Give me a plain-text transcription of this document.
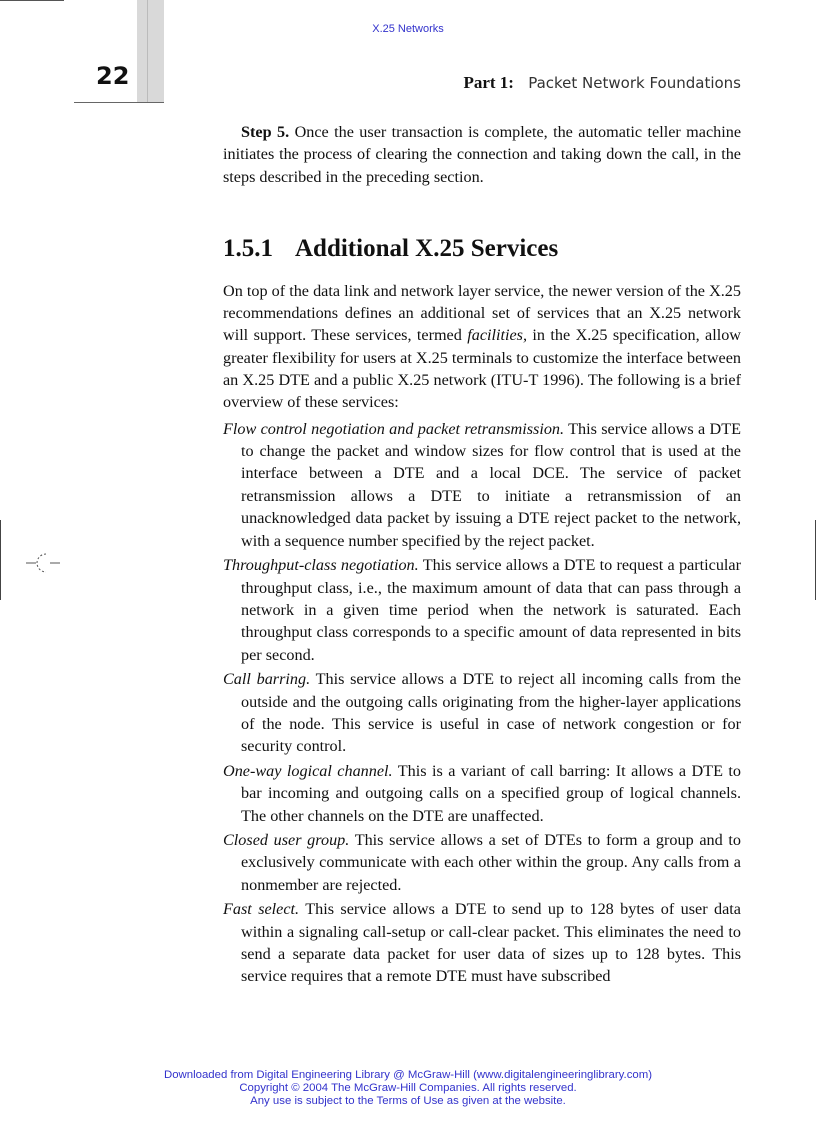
X.25 Networks
22	Part 1: Packet Network Foundations

Step 5. Once the user transaction is complete, the automatic teller machine initiates the process of clearing the connection and taking down the call, in the steps described in the preceding section.

1.5.1 Additional X.25 Services

On top of the data link and network layer service, the newer version of the X.25 recommendations defines an additional set of services that an X.25 network will support. These services, termed facilities, in the X.25 specification, allow greater flexibility for users at X.25 terminals to customize the interface between an X.25 DTE and a public X.25 network (ITU-T 1996). The following is a brief overview of these services:

Flow control negotiation and packet retransmission. This service allows a DTE to change the packet and window sizes for flow control that is used at the interface between a DTE and a local DCE. The service of packet retransmission allows a DTE to initiate a retransmission of an unacknowledged data packet by issuing a DTE reject packet to the network, with a sequence number specified by the reject packet.

Throughput-class negotiation. This service allows a DTE to request a particular throughput class, i.e., the maximum amount of data that can pass through a network in a given time period when the network is saturated. Each throughput class corresponds to a specific amount of data represented in bits per second.

Call barring. This service allows a DTE to reject all incoming calls from the outside and the outgoing calls originating from the higher-layer applications of the node. This service is useful in case of network congestion or for security control.

One-way logical channel. This is a variant of call barring: It allows a DTE to bar incoming and outgoing calls on a specified group of logical channels. The other channels on the DTE are unaffected.

Closed user group. This service allows a set of DTEs to form a group and to exclusively communicate with each other within the group. Any calls from a nonmember are rejected.

Fast select. This service allows a DTE to send up to 128 bytes of user data within a signaling call-setup or call-clear packet. This eliminates the need to send a separate data packet for user data of sizes up to 128 bytes. This service requires that a remote DTE must have subscribed

Downloaded from Digital Engineering Library @ McGraw-Hill (www.digitalengineeringlibrary.com)
Copyright © 2004 The McGraw-Hill Companies. All rights reserved.
Any use is subject to the Terms of Use as given at the website.
